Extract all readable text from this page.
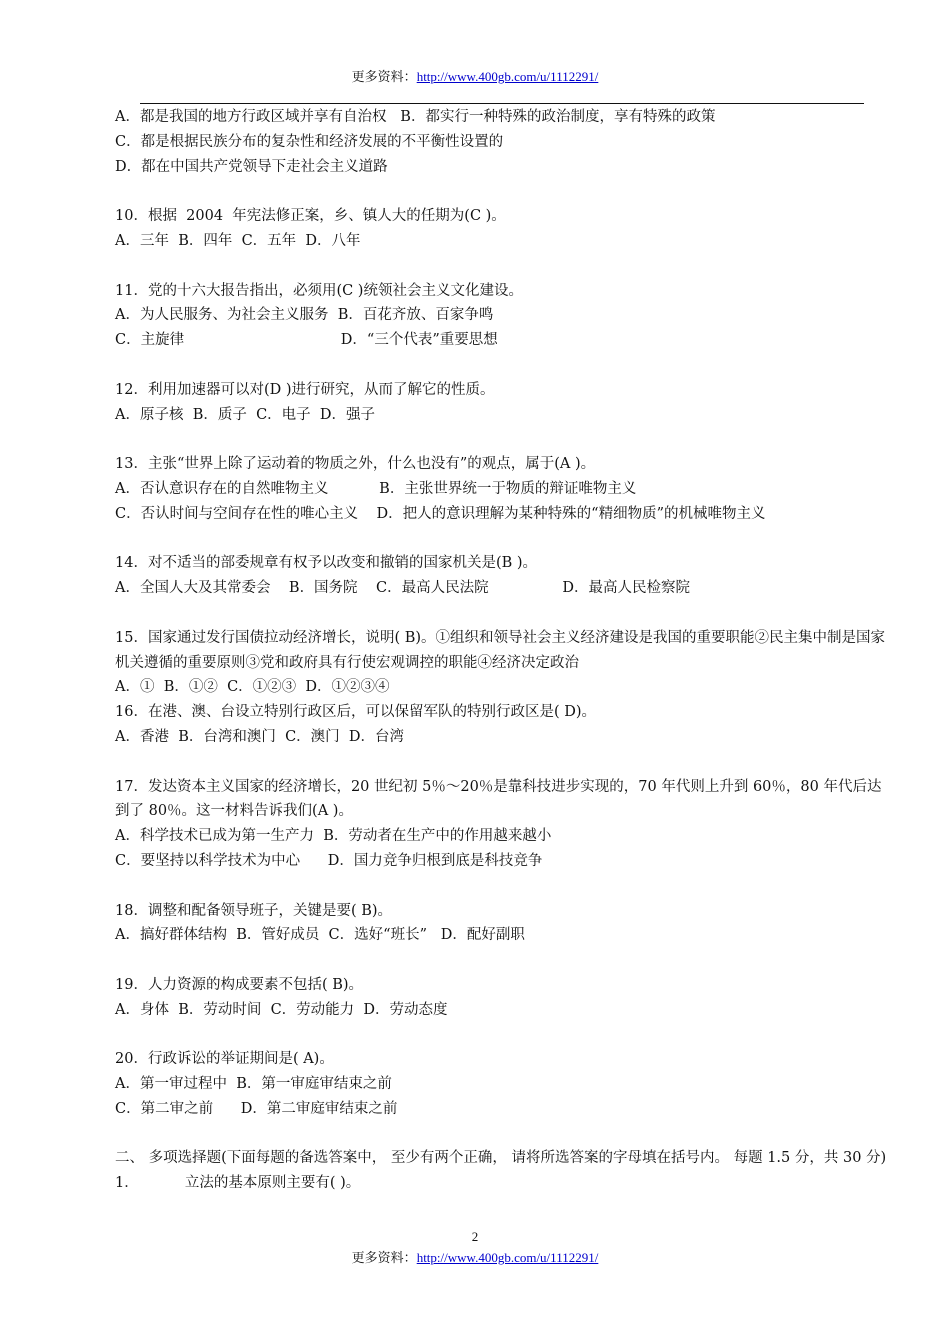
更多资料：http://www.400gb.com/u/1112291/
A．都是我国的地方行政区域并享有自治权   B．都实行一种特殊的政治制度，享有特殊的政策
C．都是根据民族分布的复杂性和经济发展的不平衡性设置的
D．都在中国共产党领导下走社会主义道路
10．根据  2004  年宪法修正案，乡、镇人大的任期为(C )。
A．三年  B．四年  C．五年  D．八年
11．党的十六大报告指出，必须用(C )统领社会主义文化建设。
A．为人民服务、为社会主义服务  B．百花齐放、百家争鸣
C．主旋律                                  D．“三个代表”重要思想
12．利用加速器可以对(D )进行研究，从而了解它的性质。
A．原子核  B．质子  C．电子  D．强子
13．主张“世界上除了运动着的物质之外，什么也没有”的观点，属于(A )。
A．否认意识存在的自然唯物主义           B．主张世界统一于物质的辩证唯物主义
C．否认时间与空间存在性的唯心主义    D．把人的意识理解为某种特殊的“精细物质”的机械唯物主义
14．对不适当的部委规章有权予以改变和撤销的国家机关是(B )。
A．全国人大及其常委会    B．国务院    C．最高人民法院                D．最高人民检察院
15．国家通过发行国债拉动经济增长，说明( B)。①组织和领导社会主义经济建设是我国的重要职能②民主集中制是国家机关遵循的重要原则③党和政府具有行使宏观调控的职能④经济决定政治
A．①  B．①②  C．①②③  D．①②③④
16．在港、澳、台设立特别行政区后，可以保留军队的特别行政区是( D)。
A．香港  B．台湾和澳门  C．澳门  D．台湾
17．发达资本主义国家的经济增长，20 世纪初 5％～20％是靠科技进步实现的，70 年代则上升到 60％，80 年代后达到了 80％。这一材料告诉我们(A )。
A．科学技术已成为第一生产力  B．劳动者在生产中的作用越来越小
C．要坚持以科学技术为中心      D．国力竞争归根到底是科技竞争
18．调整和配备领导班子，关键是要( B)。
A．搞好群体结构  B．管好成员  C．选好“班长”   D．配好副职
19．人力资源的构成要素不包括( B)。
A．身体  B．劳动时间  C．劳动能力  D．劳动态度
20．行政诉讼的举证期间是( A)。
A．第一审过程中  B．第一审庭审结束之前
C．第二审之前      D．第二审庭审结束之前
二、 多项选择题(下面每题的备选答案中， 至少有两个正确， 请将所选答案的字母填在括号内。 每题 1.5 分，共 30 分)
1．          立法的基本原则主要有( )。
2
更多资料：http://www.400gb.com/u/1112291/
